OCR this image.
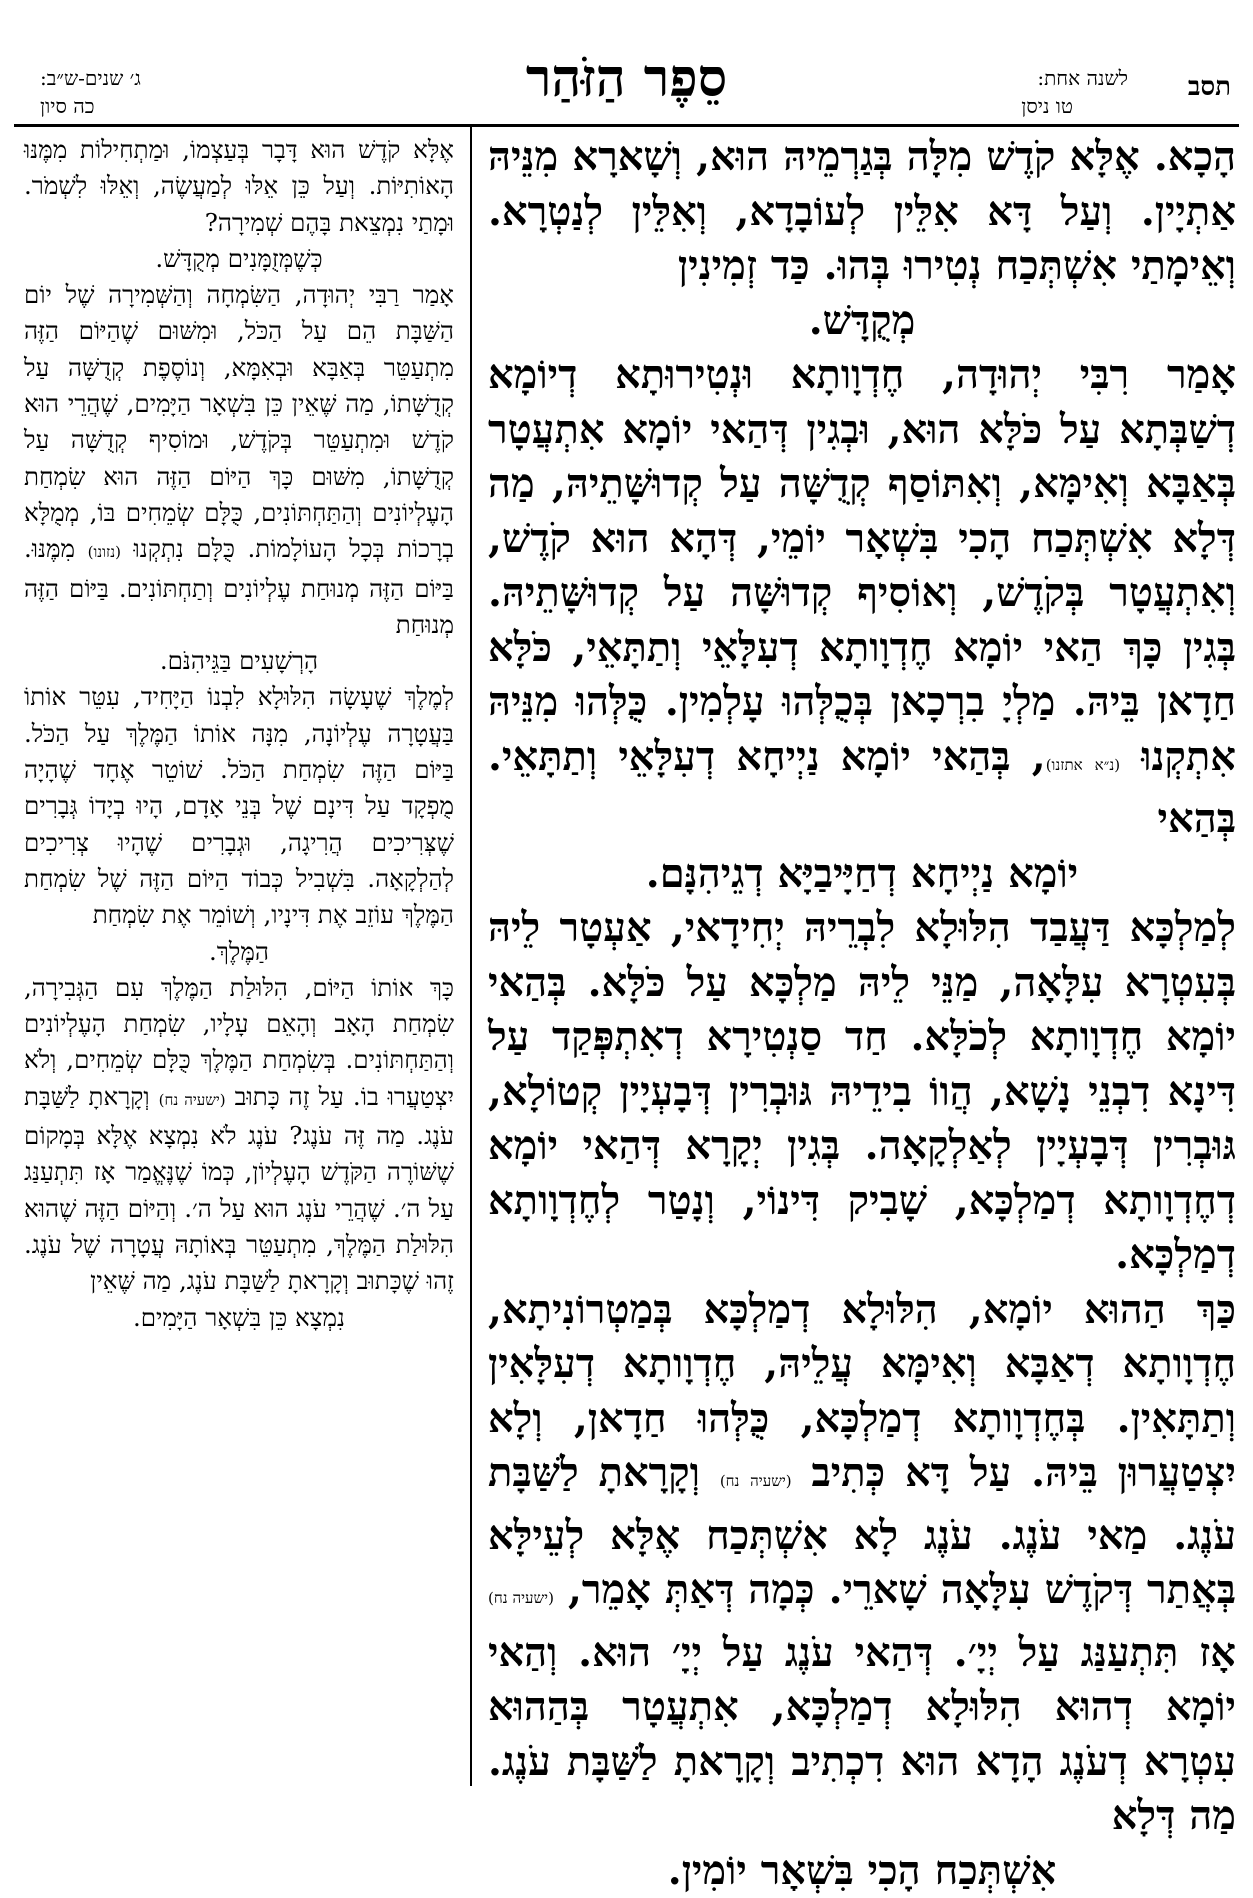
תסב
לשנה אחת:
טו ניסן
סֵפֶר הַזֹּהַר
ג׳ שנים-ש״ב:
כה סיון

הָכָא. אֶלָּא קֹדֶשׁ מִלָּה בְּגַרְמֵיהּ הוּא, וְשָׁארָא מִנֵּיהּ אַתְיָין. וְעַל דָּא אִלֵּין לְעוֹבָדָא, וְאִלֵּין לְנַטְרָא. וְאֵימָתַי אִשְׁתְּכַח נְטִירוּ בְּהוּ. כַּד זְמִינִין

מְקֻדָּשׁ.

אָמַר רִבִּי יְהוּדָה, חֶדְוָותָא וּנְטִירוּתָא דְיוֹמָא דְשַׁבְּתָא עַל כֹּלָּא הוּא, וּבְגִין דְּהַאי יוֹמָא אִתְעֲטָר בְּאַבָּא וְאִימָּא, וְאִתּוֹסַף קְדֻשָּׁה עַל קְדוּשָּׁתֵיהּ, מַה דְּלָא אִשְׁתְּכַח הָכִי בִּשְׁאָר יוֹמֵי, דְּהָא הוּא קֹדֶשׁ, וְאִתְעֲטָר בְּקֹדֶשׁ, וְאוֹסִיף קְדוּשָּׁה עַל קְדוּשָּׁתֵיהּ. בְּגִין כָּךְ הַאי יוֹמָא חֶדְוָותָא דְעִלָּאֵי וְתַתָּאֵי, כֹּלָּא חַדָאן בֵּיהּ. מַלְיָ בִרְכָאן בְּכֻלְּהוּ עָלְמִין. כֻּלְּהוּ מִנֵּיהּ אִתְקְנוּ (נ״א אתזנו), בְּהַאי יוֹמָא נַיְיחָא דְעִלָּאֵי וְתַתָּאֵי. בְּהַאי

יוֹמָא נַיְיחָא דְחַיָּיבַיָּא דְגֵיהִנָּם.

לְמַלְכָּא דַּעֲבַד הִלּוּלָא לִבְרֵיהּ יְחִידָאי, אַעְטָר לֵיהּ בְּעִטְרָא עִלָּאָה, מַנֵּי לֵיהּ מַלְכָּא עַל כֹּלָּא. בְּהַאי יוֹמָא חֶדְוָותָא לְכֹלָּא. חַד סַנְטִירָא דְאִתְפְּקַד עַל דִּינָא דִבְנֵי נָשָׁא, הֲווֹ בִידֵיהּ גּוּבְרִין דְּבָעְיָין קְטוֹלָא, גּוּבְרִין דְּבָעְיָין לְאַלְקָאָה. בְּגִין יְקָרָא דְּהַאי יוֹמָא דְחֶדְוָותָא דְמַלְכָּא, שָׁבִיק דִּינוֹי, וְנָטַר לְחֶדְוָותָא דְמַלְכָּא.

כַּךְ הַהוּא יוֹמָא, הִלּוּלָא דְמַלְכָּא בְּמַטְרוֹנִיתָא, חֶדְוָותָא דְאַבָּא וְאִימָּא עֲלֵיהּ, חֶדְוָותָא דְעִלָּאִין וְתַתָּאִין. בְּחֶדְוָותָא דְמַלְכָּא, כֻּלְּהוּ חַדָאן, וְלָא יִצְטַעֲרוּן בֵּיהּ. עַל דָּא כְּתִיב (ישעיה נח) וְקָרָאתָ לַשַּׁבָּת עֹנֶג. מַאי עֹנֶג. עֹנֶג לָא אִשְׁתְּכַח אֶלָּא לְעֵילָּא בְּאֲתַר דְּקֹדֶשׁ עִלָּאָה שָׁארֵי. כְּמָה דְּאַתְּ אָמֵר, (ישעיה נח) אָז תִּתְעַנַּג עַל יְיָ׳. דְּהַאי עֹנֶג עַל יְיָ׳ הוּא. וְהַאי יוֹמָא דְהוּא הִלּוּלָא דְמַלְכָּא, אִתְעֲטָר בְּהַהוּא עִטְרָא דְעֹנֶג הָדָא הוּא דִכְתִיב וְקָרָאתָ לַשַּׁבָּת עֹנֶג. מַה דְּלָא

אִשְׁתְּכַח הָכִי בִּשְׁאָר יוֹמִין.

אֶלָּא קֹדֶשׁ הוּא דָּבָר בְּעַצְמוֹ, וּמַתְחִילוֹת מִמֶּנּוּ הָאוֹתִיּוֹת. וְעַל כֵּן אֵלּוּ לְמַעֲשֶׂה, וְאֵלּוּ לִשְׁמֹר. וּמָתַי נִמְצֵאת בָּהֶם שְׁמִירָה?

כְּשֶׁמְּזֻמָּנִים מְקֻדָּשׁ.

אָמַר רַבִּי יְהוּדָה, הַשִּׂמְחָה וְהַשְּׁמִירָה שֶׁל יוֹם הַשַּׁבָּת הֵם עַל הַכֹּל, וּמִשּׁוּם שֶׁהַיּוֹם הַזֶּה מִתְעַטֵּר בְּאַבָּא וּבְאִמָּא, וְנוֹסֶפֶת קְדֻשָּׁה עַל קְדֻשָּׁתוֹ, מַה שֶּׁאֵין כֵּן בִּשְׁאָר הַיָּמִים, שֶׁהֲרֵי הוּא קֹדֶשׁ וּמִתְעַטֵּר בְּקֹדֶשׁ, וּמוֹסִיף קְדֻשָּׁה עַל קְדֻשָּׁתוֹ, מִשּׁוּם כָּךְ הַיּוֹם הַזֶּה הוּא שִׂמְחַת הָעֶלְיוֹנִים וְהַתַּחְתּוֹנִים, כֻּלָּם שְׂמֵחִים בּוֹ, מְמֻלָּא בְרָכוֹת בְּכָל הָעוֹלָמוֹת. כֻּלָּם נִתְקְנוּ (נזונו) מִמֶּנּוּ. בַּיּוֹם הַזֶּה מְנוּחַת עֶלְיוֹנִים וְתַחְתּוֹנִים. בַּיּוֹם הַזֶּה מְנוּחַת

הָרְשָׁעִים בַּגֵּיהִנֹּם.

לְמֶלֶךְ שֶׁעָשָׂה הִלּוּלָא לִבְנוֹ הַיָּחִיד, עִטֵּר אוֹתוֹ בַּעֲטָרָה עֶלְיוֹנָה, מִנָּה אוֹתוֹ הַמֶּלֶךְ עַל הַכֹּל. בַּיּוֹם הַזֶּה שִׂמְחַת הַכֹּל. שׁוֹטֵר אֶחָד שֶׁהָיָה מֻפְקָד עַל דִּינָם שֶׁל בְּנֵי אָדָם, הָיוּ בְיָדוֹ גְּבָרִים שֶׁצְּרִיכִים הֲרִיגָה, וּגְבָרִים שֶׁהָיוּ צְרִיכִים לְהַלְקָאָה. בִּשְׁבִיל כְּבוֹד הַיּוֹם הַזֶּה שֶׁל שִׂמְחַת הַמֶּלֶךְ עוֹזֵב אֶת דִּינָיו, וְשׁוֹמֵר אֶת שִׂמְחַת

הַמֶּלֶךְ.

כָּךְ אוֹתוֹ הַיּוֹם, הִלּוּלַת הַמֶּלֶךְ עִם הַגְּבִירָה, שִׂמְחַת הָאָב וְהָאֵם עָלָיו, שִׂמְחַת הָעֶלְיוֹנִים וְהַתַּחְתּוֹנִים. בְּשִׂמְחַת הַמֶּלֶךְ כֻּלָּם שְׂמֵחִים, וְלֹא יִצְטַעֲרוּ בוֹ. עַל זֶה כָּתוּב (ישעיה נח) וְקָרָאתָ לַשַּׁבָּת עֹנֶג. מַה זֶּה עֹנֶג? עֹנֶג לֹא נִמְצָא אֶלָּא בְּמָקוֹם שֶׁשּׁוֹרֶה הַקֹּדֶשׁ הָעֶלְיוֹן, כְּמוֹ שֶׁנֶּאֱמַר אָז תִּתְעַנַּג עַל ה׳. שֶׁהֲרֵי עֹנֶג הוּא עַל ה׳. וְהַיּוֹם הַזֶּה שֶׁהוּא הִלּוּלַת הַמֶּלֶךְ, מִתְעַטֵּר בְּאוֹתָהּ עֲטָרָה שֶׁל עֹנֶג. זֶהוּ שֶׁכָּתוּב וְקָרָאתָ לַשַּׁבָּת עֹנֶג, מַה שֶּׁאֵין

נִמְצָא כֵּן בִּשְׁאָר הַיָּמִים.
